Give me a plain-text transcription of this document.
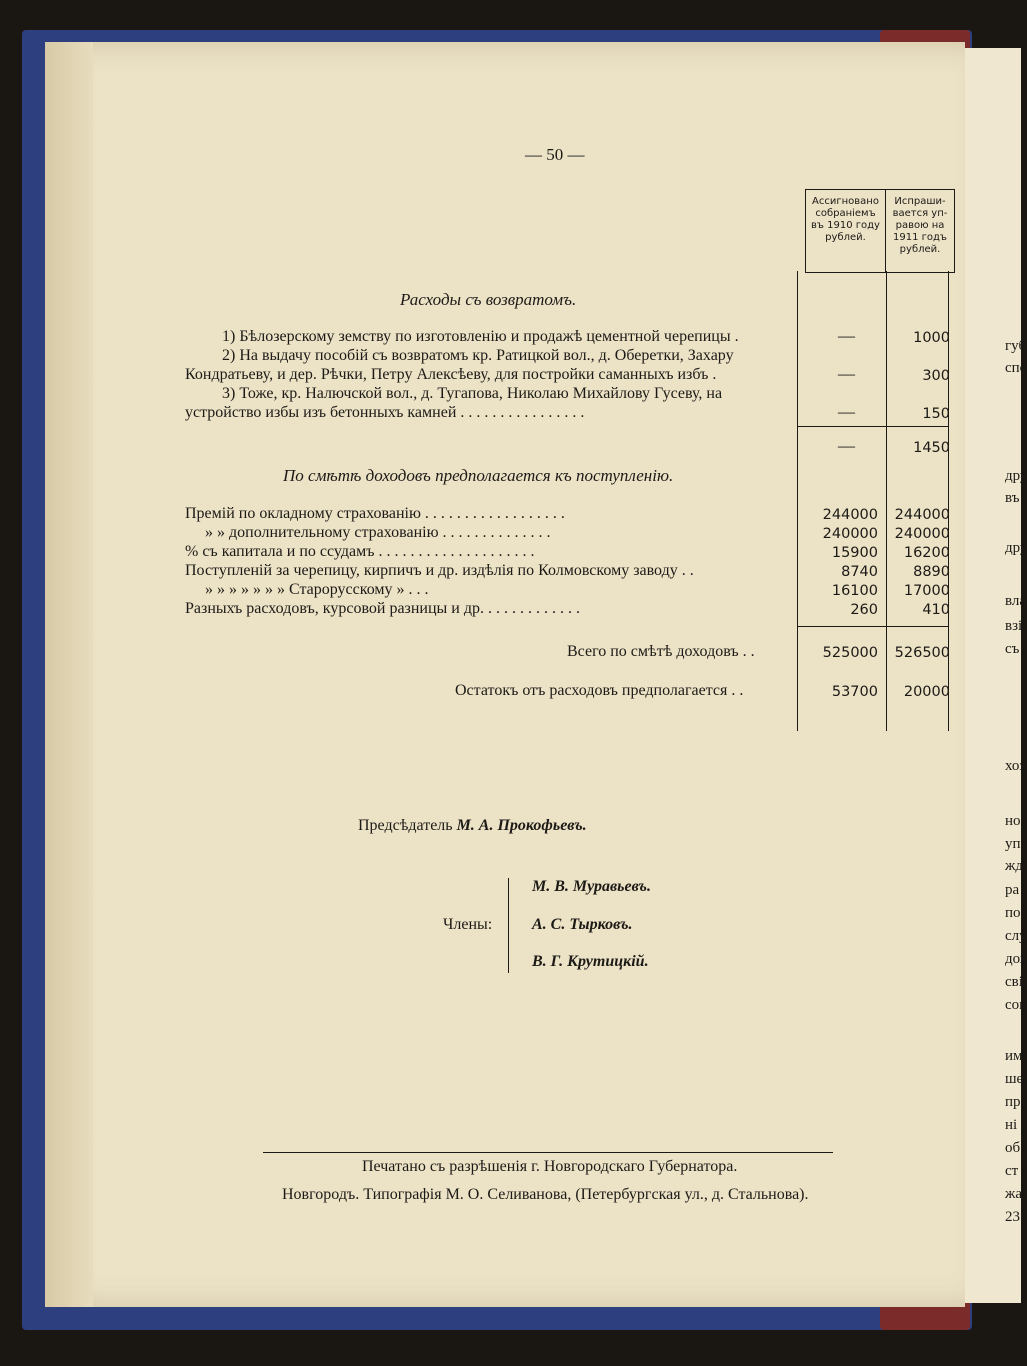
губ
спо
дру
въ
дру
вла
взі
съ
хоз
ноі
уп
жд
ра
по
слу
дох
сві
сог
им
ше
пр
ні
об
ст
жа
23
— 50 —
Ассигновано собраніемъ въ 1910 году рублей.
Испраши-вается уп-равою на 1911 годъ рублей.
Расходы съ возвратомъ.
1) Бѣлозерскому земству по изготовленію и продажѣ цементной черепицы .	—	1000
2) На выдачу пособій съ возвратомъ кр. Ратицкой вол., д. Оберетки, Захару
Кондратьеву, и дер. Рѣчки, Петру Алексѣеву, для постройки саманныхъ избъ .	—	300
3) Тоже, кр. Налючской вол., д. Тугапова, Николаю Михайлову Гусеву, на
устройство избы изъ бетонныхъ камней . . . . . . . . . . . . . . . .	—	150
—	1450
По смѣтѣ доходовъ предполагается къ поступленію.
Премій по окладному страхованію . . . . . . . . . . . . . . . . . .	244000 244000
» » дополнительному страхованію . . . . . . . . . . . . . .	240000 240000
% съ капитала и по ссудамъ . . . . . . . . . . . . . . . . . . . .	15900 16200
Поступленій за черепицу, кирпичъ и др. издѣлія по Колмовскому заводу . .	8740 8890
» » » » » » » Старорусскому » . . .	16100 17000
Разныхъ расходовъ, курсовой разницы и др. . . . . . . . . . . . .	260	410
Всего по смѣтѣ доходовъ . .	525000 526500
Остатокъ отъ расходовъ предполагается . .	53700 20000
Предсѣдатель М. А. Прокофьевъ.
Члены:
М. В. Муравьевъ.
А. С. Тырковъ.
В. Г. Крутицкій.
Печатано съ разрѣшенія г. Новгородскаго Губернатора.
Новгородъ. Типографія М. О. Селиванова, (Петербургская ул., д. Стальнова).
